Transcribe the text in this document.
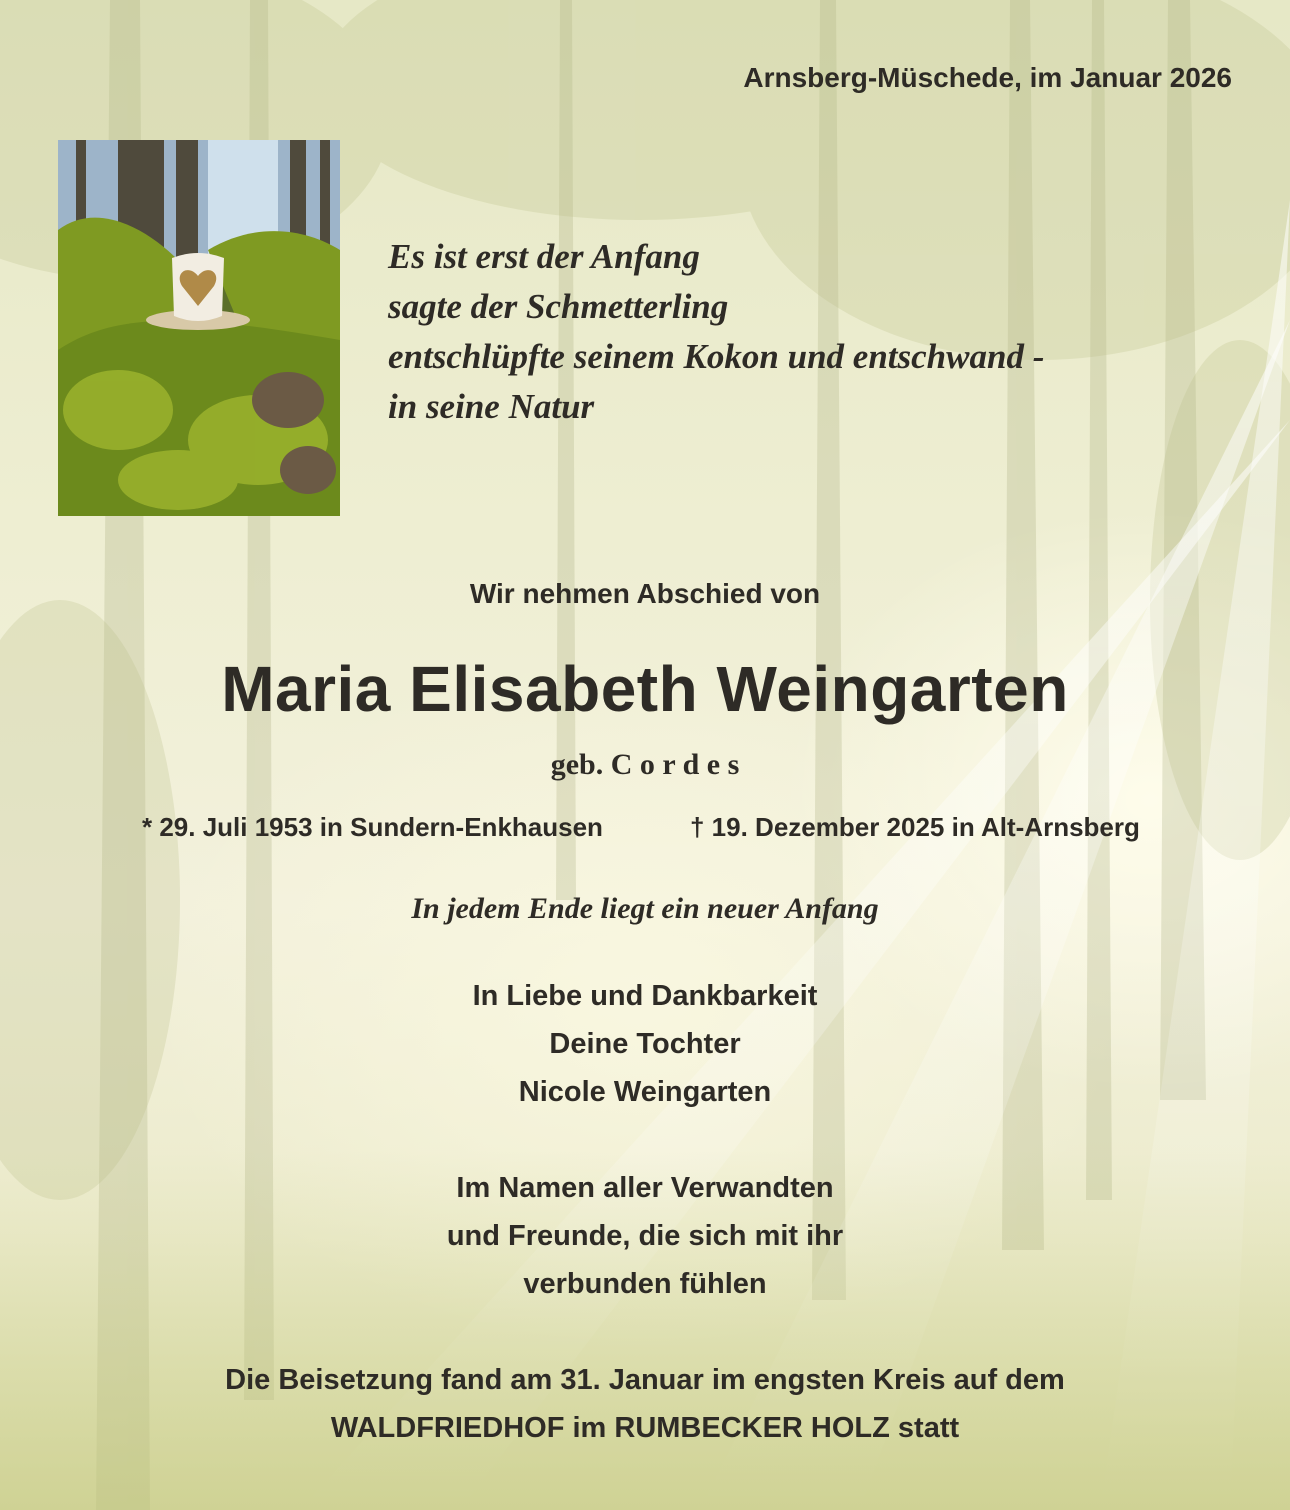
Arnsberg-Müschede, im Januar 2026

Es ist erst der Anfang
sagte der Schmetterling
entschlüpfte seinem Kokon und entschwand -
in seine Natur

Wir nehmen Abschied von

Maria Elisabeth Weingarten

geb. C o r d e s

* 29. Juli 1953 in Sundern-Enkhausen	† 19. Dezember 2025 in Alt-Arnsberg

In jedem Ende liegt ein neuer Anfang

In Liebe und Dankbarkeit
Deine Tochter
Nicole Weingarten
Im Namen aller Verwandten
und Freunde, die sich mit ihr
verbunden fühlen
Die Beisetzung fand am 31. Januar im engsten Kreis auf dem
WALDFRIEDHOF im RUMBECKER HOLZ statt
